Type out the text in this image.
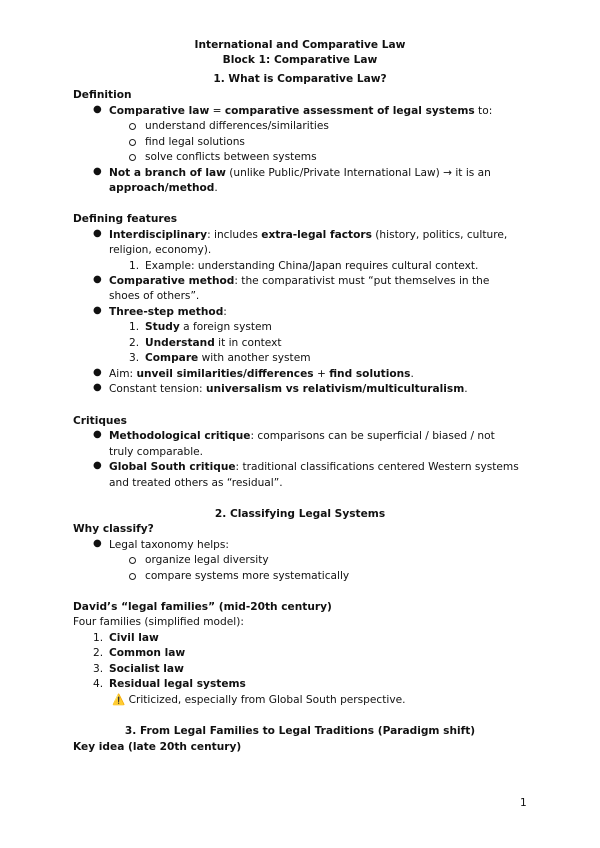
International and Comparative Law
Block 1: Comparative Law
1. What is Comparative Law?
Definition
● Comparative law = comparative assessment of legal systems to:
understand differences/similarities
find legal solutions
solve conflicts between systems
● Not a branch of law (unlike Public/Private International Law) → it is an
approach/method.
Defining features
● Interdisciplinary: includes extra-legal factors (history, politics, culture,
religion, economy).
1. Example: understanding China/Japan requires cultural context.
● Comparative method: the comparativist must “put themselves in the
shoes of others”.
● Three-step method:
1. Study a foreign system
2. Understand it in context
3. Compare with another system
● Aim: unveil similarities/differences + find solutions.
● Constant tension: universalism vs relativism/multiculturalism.
Critiques
● Methodological critique: comparisons can be superficial / biased / not
truly comparable.
● Global South critique: traditional classifications centered Western systems
and treated others as “residual”.
2. Classifying Legal Systems
Why classify?
● Legal taxonomy helps:
organize legal diversity
compare systems more systematically
David’s “legal families” (mid-20th century)
Four families (simplified model):
1. Civil law
2. Common law
3. Socialist law
4. Residual legal systems
⚠️ Criticized, especially from Global South perspective.
3. From Legal Families to Legal Traditions (Paradigm shift)
Key idea (late 20th century)
1
